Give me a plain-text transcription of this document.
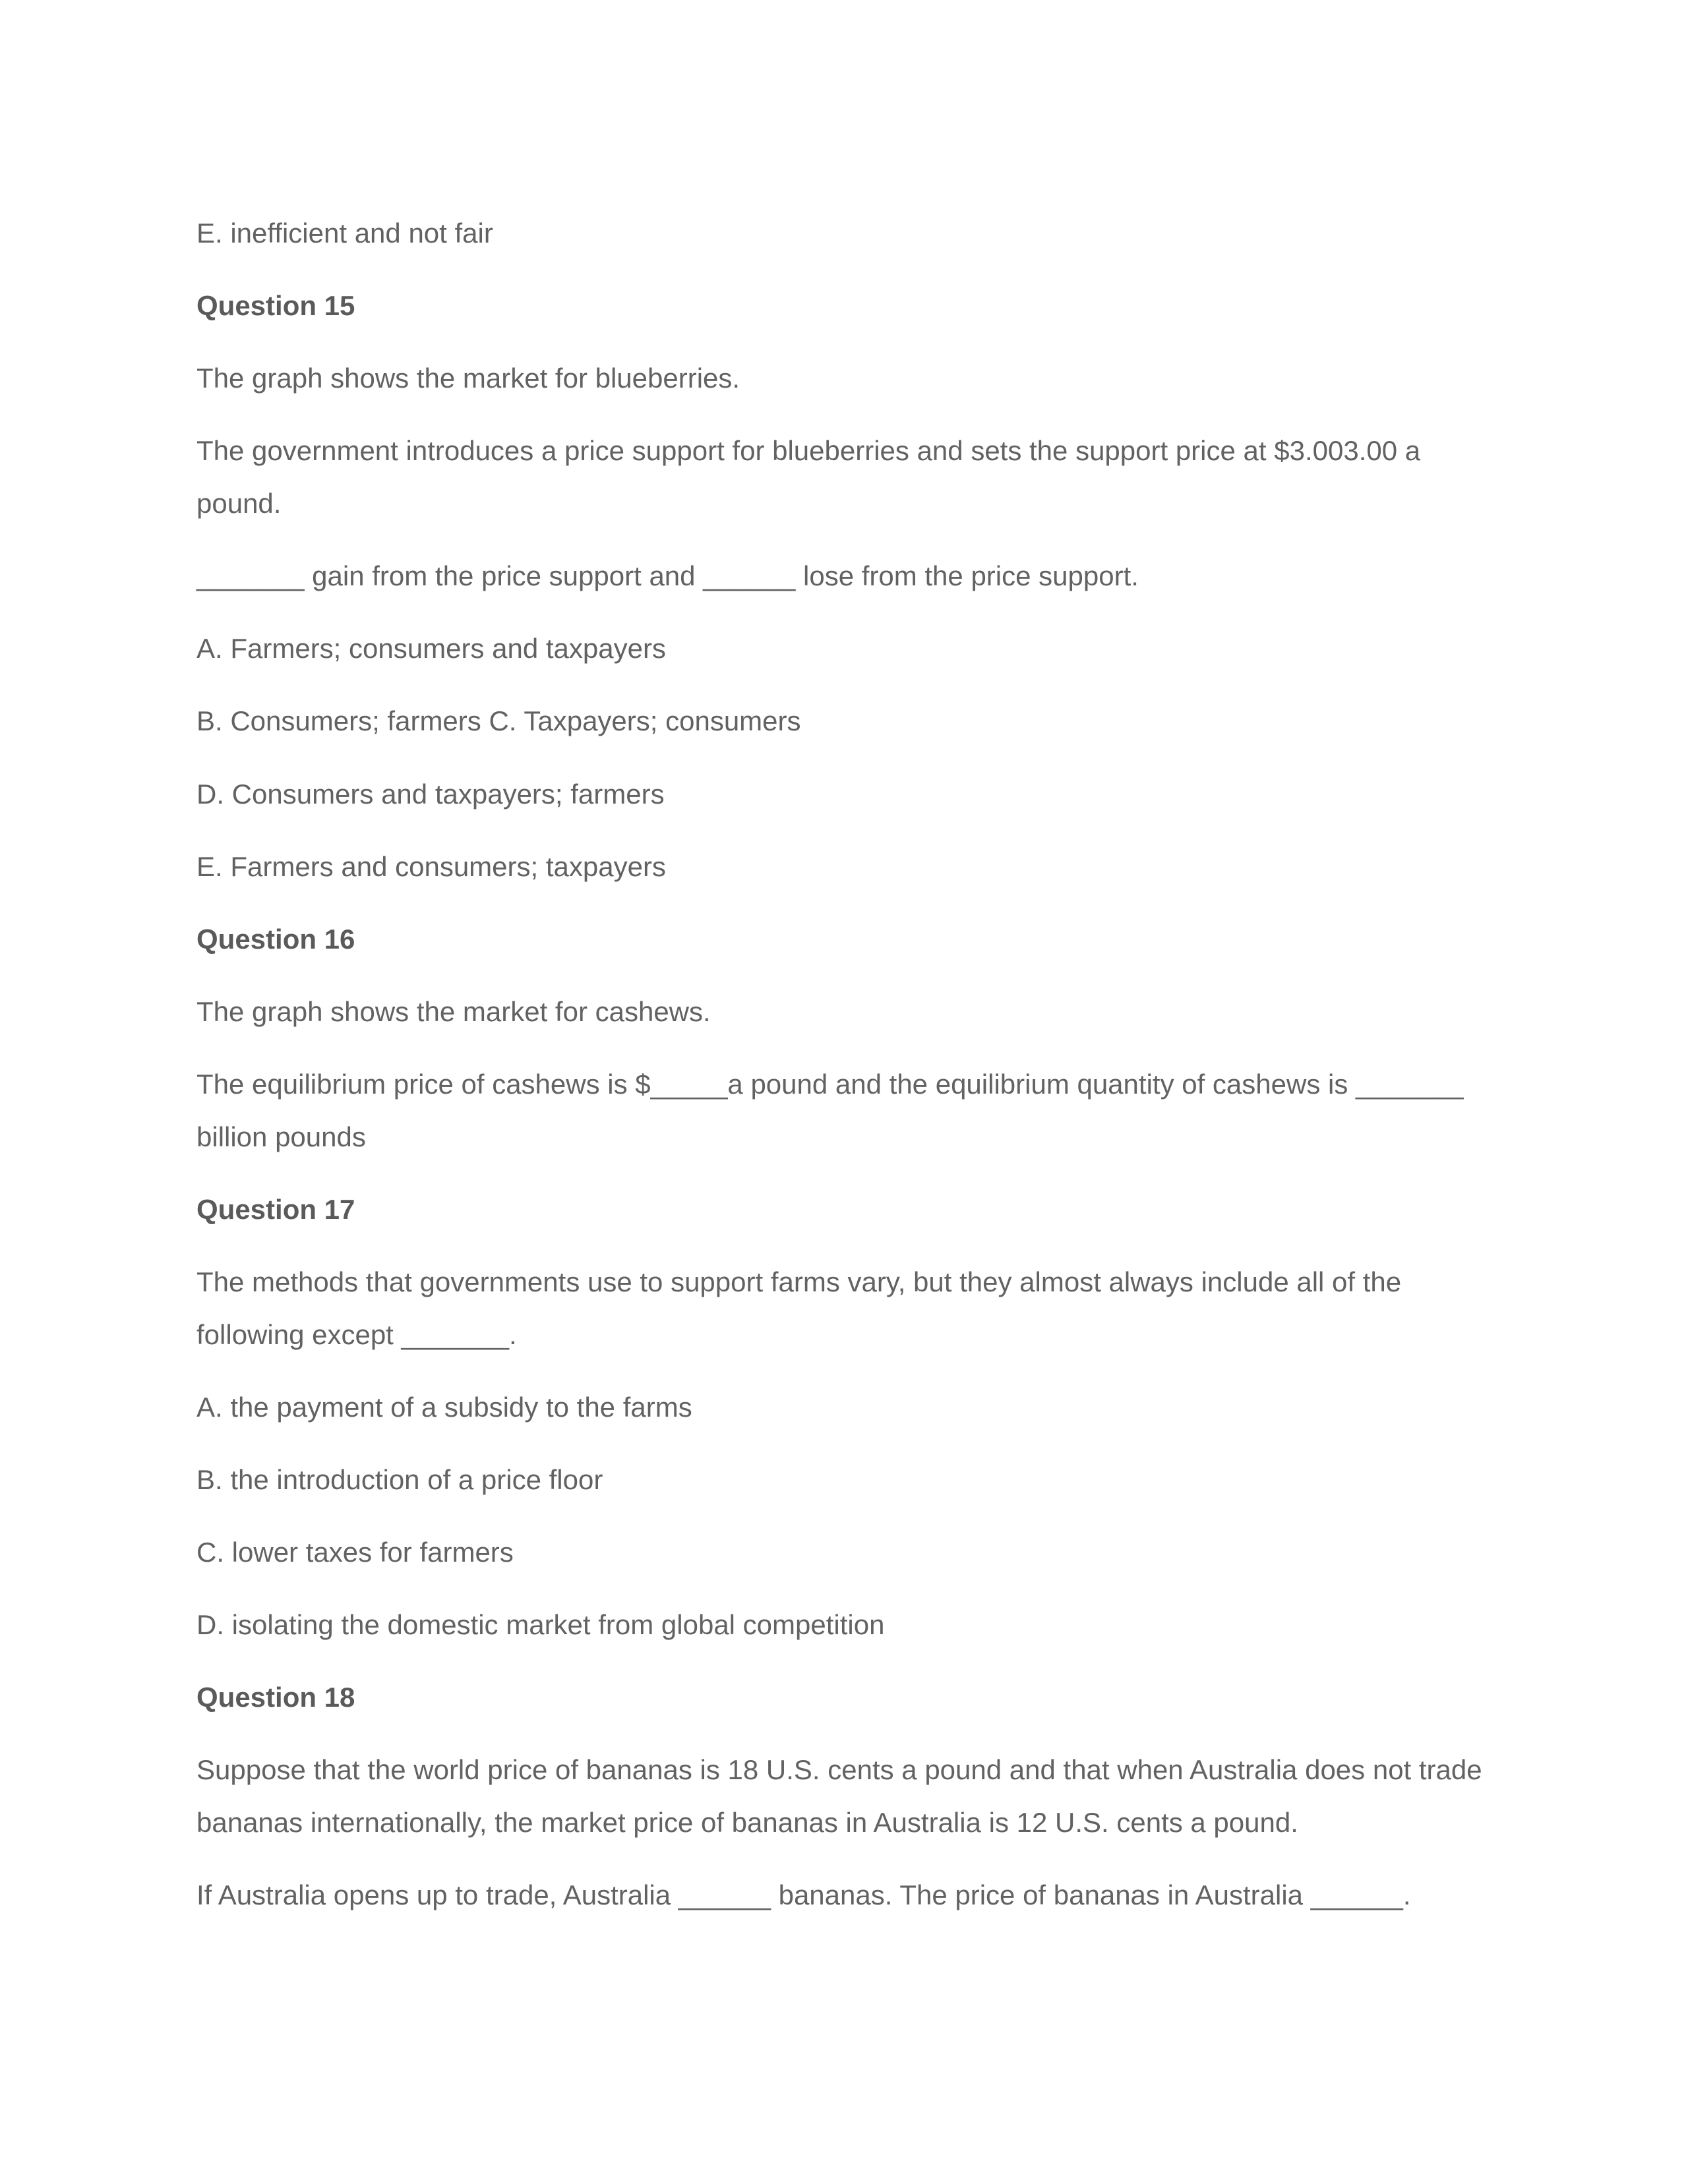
E. inefficient and not fair
Question 15
The graph shows the market for blueberries.
The government introduces a price support for blueberries and sets the support price at $3.003.00 a
pound.
_______ gain from the price support and ______ lose from the price support.
A. Farmers; consumers and taxpayers
B. Consumers; farmers C. Taxpayers; consumers
D. Consumers and taxpayers; farmers
E. Farmers and consumers; taxpayers
Question 16
The graph shows the market for cashews.
The equilibrium price of cashews is $_____a pound and the equilibrium quantity of cashews is _______
billion pounds
Question 17
The methods that governments use to support farms vary, but they almost always include all of the
following except _______.
A. the payment of a subsidy to the farms
B. the introduction of a price floor
C. lower taxes for farmers
D. isolating the domestic market from global competition
Question 18
Suppose that the world price of bananas is 18 U.S. cents a pound and that when Australia does not trade
bananas internationally, the market price of bananas in Australia is 12 U.S. cents a pound.
If Australia opens up to trade, Australia ______ bananas. The price of bananas in Australia ______.
